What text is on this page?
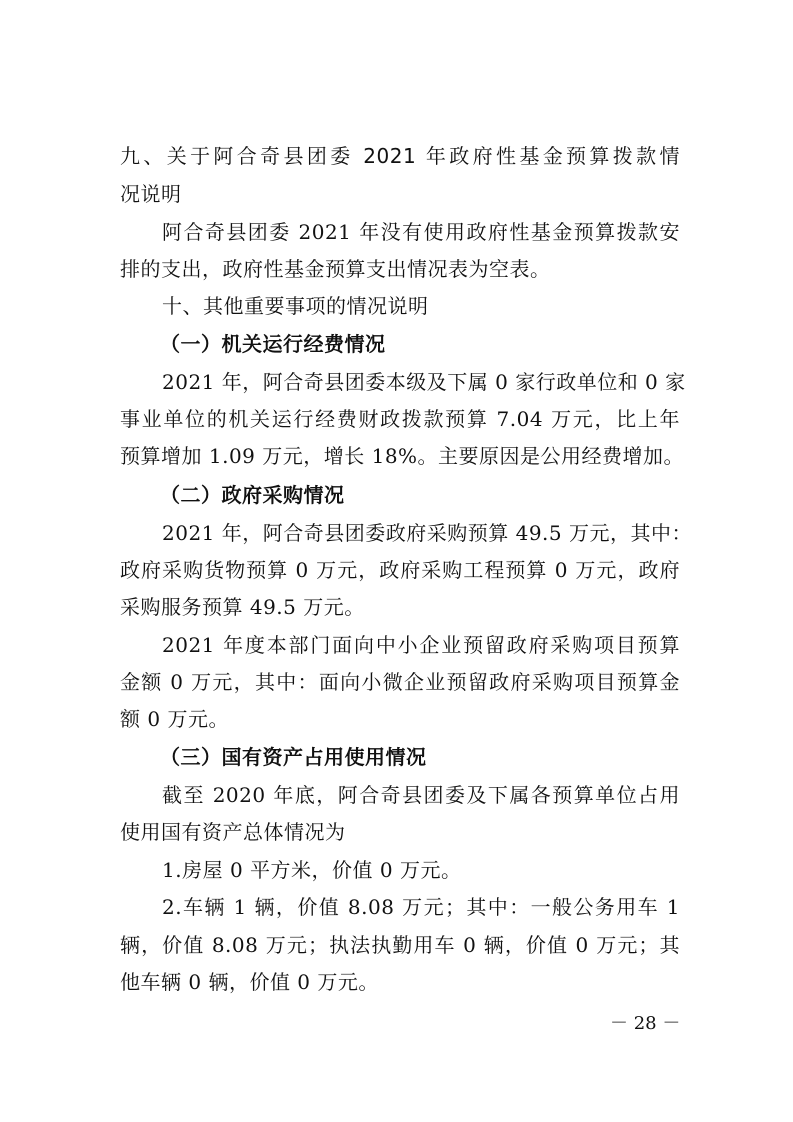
九、关于阿合奇县团委 2021 年政府性基金预算拨款情
况说明
阿合奇县团委 2021 年没有使用政府性基金预算拨款安
排的支出，政府性基金预算支出情况表为空表。
十、其他重要事项的情况说明
（一）机关运行经费情况
2021 年，阿合奇县团委本级及下属 0 家行政单位和 0 家
事业单位的机关运行经费财政拨款预算 7.04 万元，比上年
预算增加 1.09 万元，增长 18%。主要原因是公用经费增加。
（二）政府采购情况
2021 年，阿合奇县团委政府采购预算 49.5 万元，其中：
政府采购货物预算 0 万元，政府采购工程预算 0 万元，政府
采购服务预算 49.5 万元。
2021 年度本部门面向中小企业预留政府采购项目预算
金额 0 万元，其中：面向小微企业预留政府采购项目预算金
额 0 万元。
（三）国有资产占用使用情况
截至 2020 年底，阿合奇县团委及下属各预算单位占用
使用国有资产总体情况为
1.房屋 0 平方米，价值 0 万元。
2.车辆 1 辆，价值 8.08 万元；其中：一般公务用车 1
辆，价值 8.08 万元；执法执勤用车 0 辆，价值 0 万元；其
他车辆 0 辆，价值 0 万元。
－ 28 －
